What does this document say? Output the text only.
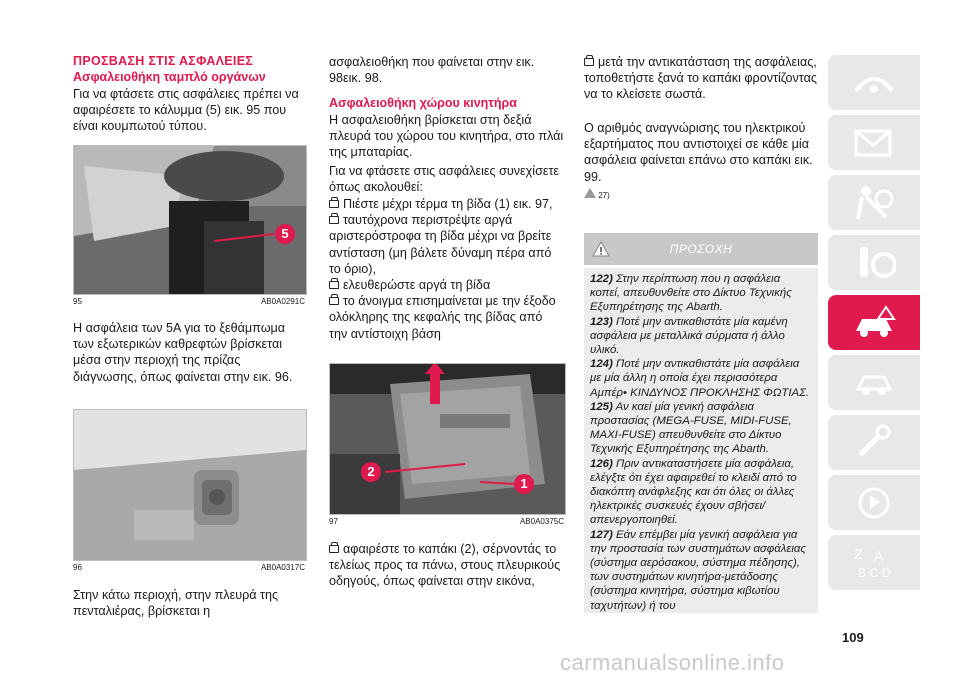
ΠΡΟΣΒΑΣΗ ΣΤΙΣ ΑΣΦΑΛΕΙΕΣ
Ασφαλειοθήκη ταμπλό οργάνων
Για να φτάσετε στις ασφάλειες πρέπει να αφαιρέσετε το κάλυμμα (5) εικ. 95 που είναι κουμπωτού τύπου.
5
95	AB0A0291C
Η ασφάλεια των 5A για το ξεθάμπωμα των εξωτερικών καθρεφτών βρίσκεται μέσα στην περιοχή της πρίζας διάγνωσης, όπως φαίνεται στην εικ. 96.
96	AB0A0317C
Στην κάτω περιοχή, στην πλευρά της πενταλιέρας, βρίσκεται η
ασφαλειοθήκη που φαίνεται στην εικ. 98εικ. 98.
Ασφαλειοθήκη χώρου κινητήρα
Η ασφαλειοθήκη βρίσκεται στη δεξιά πλευρά του χώρου του κινητήρα, στο πλάι της μπαταρίας.
Για να φτάσετε στις ασφάλειες συνεχίσετε όπως ακολουθεί:

Πιέστε μέχρι τέρμα τη βίδα (1) εικ. 97,

ταυτόχρονα περιστρέψτε αργά αριστερόστροφα τη βίδα μέχρι να βρείτε αντίσταση (μη βάλετε δύναμη πέρα από το όριο),

ελευθερώστε αργά τη βίδα

το άνοιγμα επισημαίνεται με την έξοδο ολόκληρης της κεφαλής της βίδας από την αντίστοιχη βάση

2
1
97	AB0A0375C
αφαιρέστε το καπάκι (2), σέρνοντάς το τελείως προς τα πάνω, στους πλευρικούς οδηγούς, όπως φαίνεται στην εικόνα,
μετά την αντικατάσταση της ασφάλειας, τοποθετήστε ξανά το καπάκι φροντίζοντας να το κλείσετε σωστά.
Ο αριθμός αναγνώρισης του ηλεκτρικού εξαρτήματος που αντιστοιχεί σε κάθε μία ασφάλεια φαίνεται επάνω στο καπάκι εικ. 99.
27)
ΠΡΟΣΟΧΗ
122) Στην περίπτωση που η ασφάλεια κοπεί, απευθυνθείτε στο Δίκτυο Τεχνικής Εξυπηρέτησης της Abarth.
123) Ποτέ μην αντικαθιστάτε μία καμένη ασφάλεια με μεταλλικά σύρματα ή άλλο υλικό.
124) Ποτέ μην αντικαθιστάτε μία ασφάλεια με μία άλλη η οποία έχει περισσότερα Αμπέρ• ΚΙΝΔΥΝΟΣ ΠΡΟΚΛΗΣΗΣ ΦΩΤΙΑΣ.
125) Αν καεί μία γενική ασφάλεια προστασίας (MEGA-FUSE, MIDI-FUSE, MAXI-FUSE) απευθυνθείτε στο Δίκτυο Τεχνικής Εξυπηρέτησης της Abarth.
126) Πριν αντικαταστήσετε μία ασφάλεια, ελέγξτε ότι έχει αφαιρεθεί το κλειδί από το διακόπτη ανάφλεξης και ότι όλες οι άλλες ηλεκτρικές συσκευές έχουν σβήσει/απενεργοποιηθεί.
127) Εάν επέμβει μία γενική ασφάλεια για την προστασία των συστημάτων ασφάλειας (σύστημα αερόσακου, σύστημα πέδησης), των συστημάτων κινητήρα-μετάδοσης (σύστημα κινητήρα, σύστημα κιβωτίου ταχυτήτων) ή του
Z A
B C D
109
carmanualsonline.info
